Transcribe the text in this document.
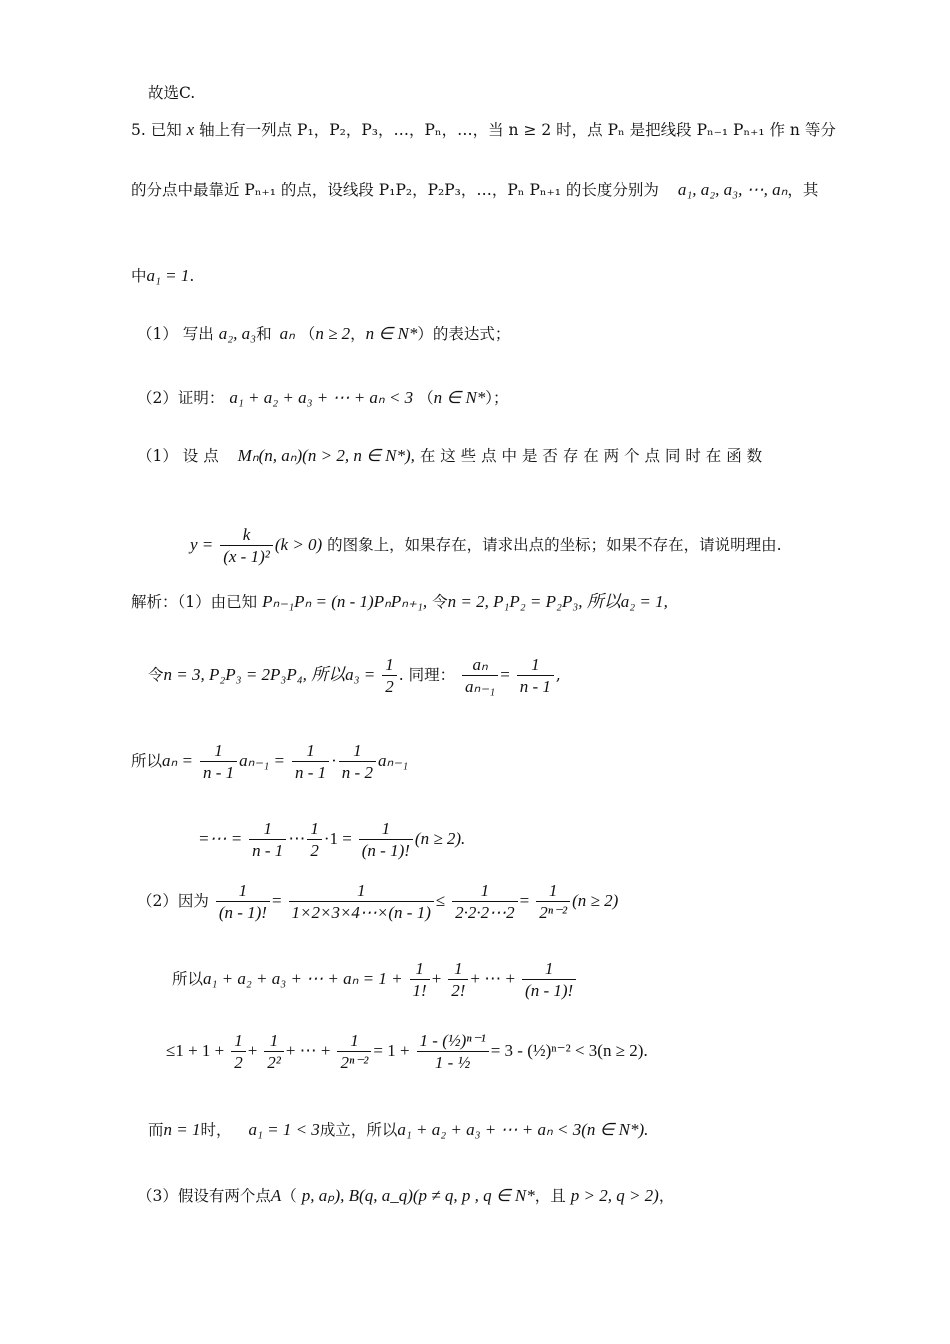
故选C.
5. 已知 x 轴上有一列点 P₁，P₂，P₃，…，Pₙ，…，当 n ≥ 2 时，点 Pₙ 是把线段 Pₙ₋₁ Pₙ₊₁ 作 n 等分
的分点中最靠近 Pₙ₊₁ 的点，设线段 P₁P₂，P₂P₃，…，Pₙ Pₙ₊₁ 的长度分别为 a₁, a₂, a₃, ⋯, aₙ，其
中a₁ = 1.
（1） 写出 a₂, a₃和 aₙ （n ≥ 2，n ∈ N*）的表达式；
（2）证明： a₁ + a₂ + a₃ + ⋯ + aₙ < 3 （n ∈ N*）；
（1） 设 点 Mₙ(n, aₙ)(n > 2, n ∈ N*), 在 这 些 点 中 是 否 存 在 两 个 点 同 时 在 函 数
$y = \frac{k}{\text{(x - 1)²}} (k > 0)$ 的图象上，如果存在，请求出点的坐标；如果不存在，请说明理由.
解析：（1）由已知 Pₙ₋₁Pₙ = (n - 1)PₙPₙ₊₁, 令n = 2, P₁P₂ = P₂P₃, 所以a₂ = 1,
令n = 3, P₂P₃ = 2P₃P₄, 所以$a_3 = \frac{1}{2}$ . 同理： $\frac{\text{aₙ}}{\text{aₙ₋₁}} = \frac{1}{n - 1}$ ,
所以$a_n = \frac{1}{n - 1} a_{n-1} = \frac{1}{n - 1} \cdot \frac{1}{n - 2} a_{n-1}$
=⋯ = $\frac{1}{n - 1}$ ⋯ $\frac{1}{2} \cdot 1 = \frac{1}{(n - 1)!} (n \ge 2)$.
（2）因为 $\frac{1}{(n - 1)!} = \frac{1}{1\times 2\times 3\times 4\cdots\times(n - 1)} \le \frac{1}{2\cdot 2\cdot 2\cdots 2} = \frac{1}{\text{2ⁿ⁻²}} (n \ge 2)$
所以a₁ + a₂ + a₃ + ⋯ + $a_n = 1 + \frac{1}{1!} + \frac{1}{2!}$ + ⋯ + $\frac{1}{(n - 1)!}$
$\le 1 + 1 + \frac{1}{2} + \frac{1}{\text{2²}}$ + ⋯ + $\frac{1}{\text{2ⁿ⁻²}} = 1 + \frac{\text{1 - (½)ⁿ⁻¹}}{\text{1 - ½}} = 3$ - (½)ⁿ⁻² < 3(n ≥ 2).
而n = 1时， a₁ = 1 < 3成立，所以a₁ + a₂ + a₃ + ⋯ + aₙ < 3(n ∈ N*).
（3）假设有两个点A（ p, aₚ), B(q, a_q)(p ≠ q, p , q ∈ N*，且 p > 2, q > 2)，
